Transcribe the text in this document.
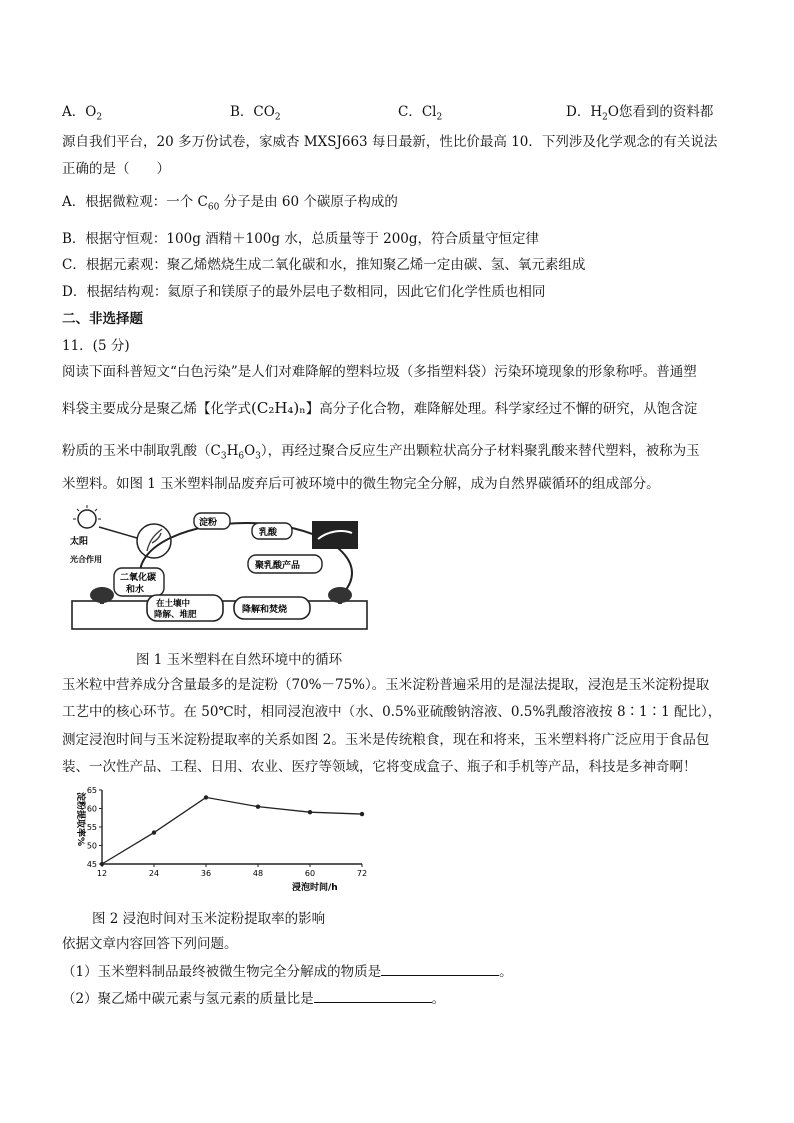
A．$O_2$	B．$CO_2$	C．$Cl_2$	D．$H_2O$您看到的资料都
源自我们平台，20 多万份试卷，家威杏 MXSJ663 每日最新，性比价最高 10．下列涉及化学观念的有关说法
正确的是（　　）
A．根据微粒观：一个 $C_{60}$ 分子是由 60 个碳原子构成的
B．根据守恒观：100g 酒精＋100g 水，总质量等于 200g，符合质量守恒定律
C．根据元素观：聚乙烯燃烧生成二氧化碳和水，推知聚乙烯一定由碳、氢、氧元素组成
D．根据结构观：氦原子和镁原子的最外层电子数相同，因此它们化学性质也相同
二、非选择题
11．(5 分)
阅读下面科普短文“白色污染”是人们对难降解的塑料垃圾（多指塑料袋）污染环境现象的形象称呼。普通塑
料袋主要成分是聚乙烯【化学式(C₂H₄)ₙ】高分子化合物，难降解处理。科学家经过不懈的研究，从饱含淀
粉质的玉米中制取乳酸$(C_3H_6O_3)$，再经过聚合反应生产出颗粒状高分子材料聚乳酸来替代塑料，被称为玉
米塑料。如图 1 玉米塑料制品废弃后可被环境中的微生物完全分解，成为自然界碳循环的组成部分。
太阳
光合作用
淀粉
乳酸
聚乳酸产品
二氧化碳
和水
在土壤中
降解、堆肥	降解和焚烧
图 1 玉米塑料在自然环境中的循环
玉米粒中营养成分含量最多的是淀粉（70%－75%）。玉米淀粉普遍采用的是湿法提取，浸泡是玉米淀粉提取
工艺中的核心环节。在 50℃时，相同浸泡液中（水、0.5%亚硫酸钠溶液、0.5%乳酸溶液按 8∶1∶1 配比），
测定浸泡时间与玉米淀粉提取率的关系如图 2。玉米是传统粮食，现在和将来，玉米塑料将广泛应用于食品包
装、一次性产品、工程、日用、农业、医疗等领域，它将变成盒子、瓶子和手机等产品，科技是多神奇啊！
45
50
55
60
65
12	24	36	48	60	72
淀粉提取率%
浸泡时间/h
图 2 浸泡时间对玉米淀粉提取率的影响
依据文章内容回答下列问题。
（1）玉米塑料制品最终被微生物完全分解成的物质是	。
（2）聚乙烯中碳元素与氢元素的质量比是	。
